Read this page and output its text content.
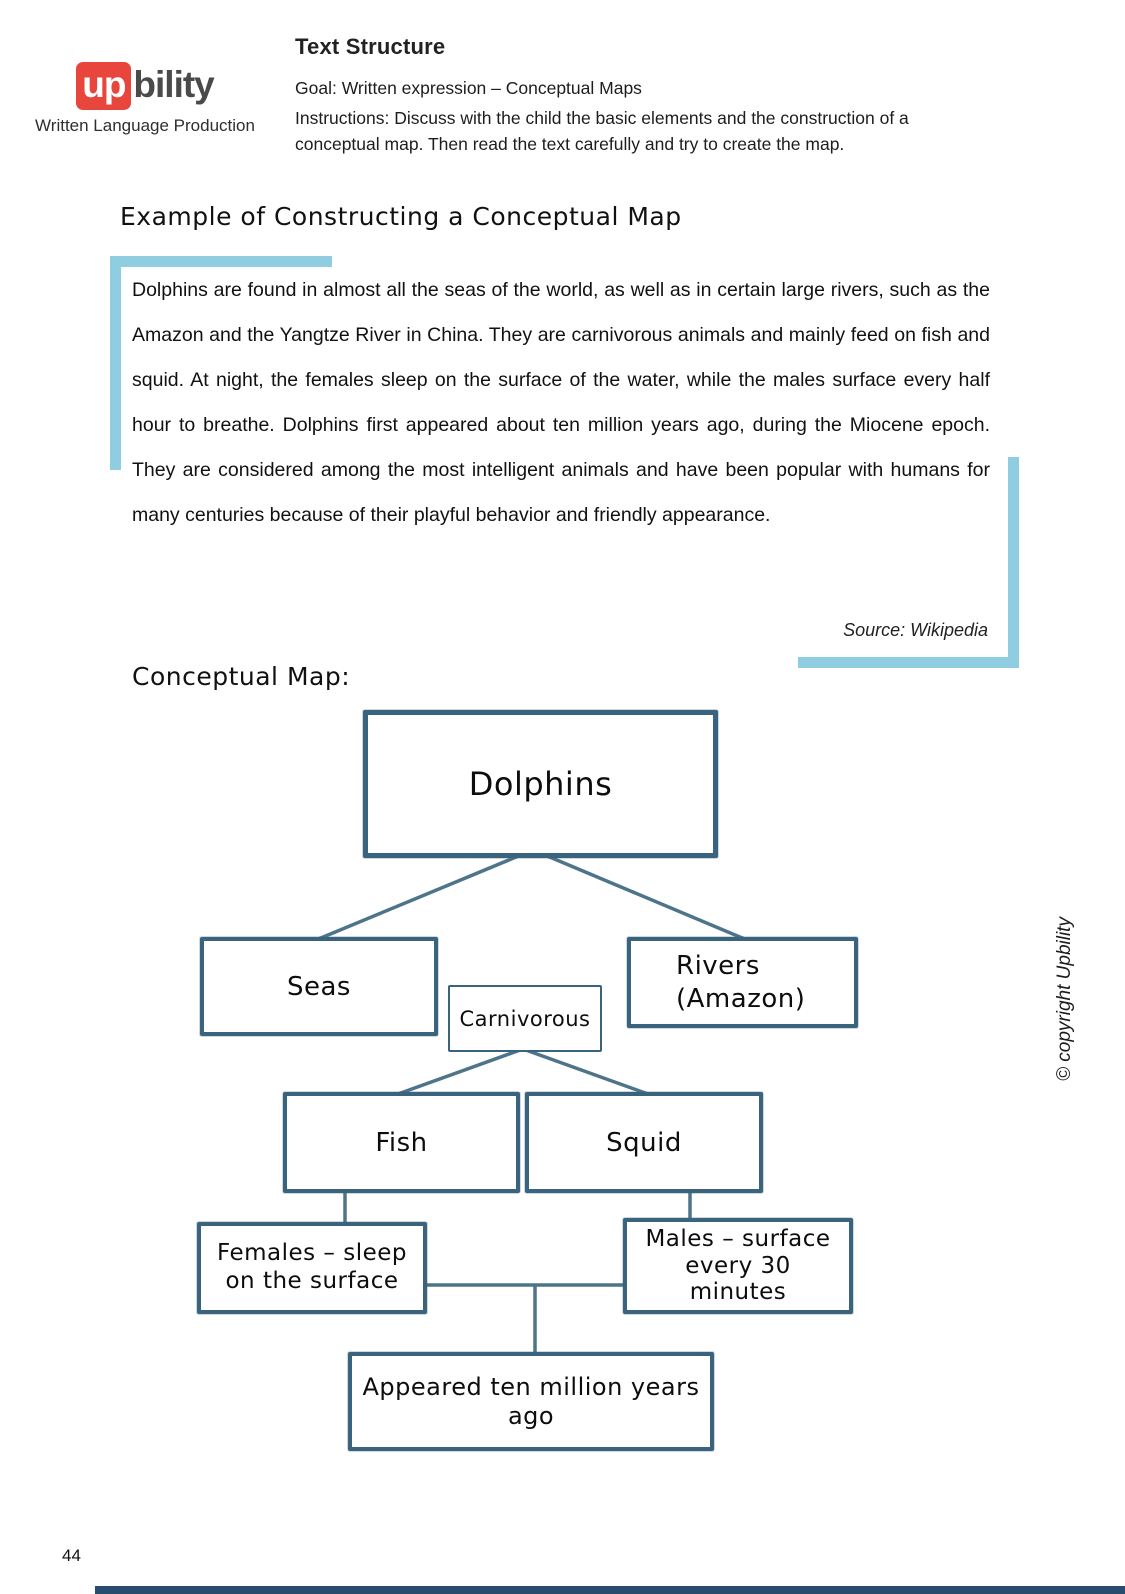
up bility
Written Language Production
Text Structure

Goal: Written expression – Conceptual Maps

Instructions: Discuss with the child the basic elements and the construction of a conceptual map. Then read the text carefully and try to create the map.

Example of Constructing a Conceptual Map
Dolphins are found in almost all the seas of the world, as well as in certain large rivers, such as the Amazon and the Yangtze River in China. They are carnivorous animals and mainly feed on fish and squid. At night, the females sleep on the surface of the water, while the males surface every half hour to breathe. Dolphins first appeared about ten million years ago, during the Miocene epoch. They are considered among the most intelligent animals and have been popular with humans for many centuries because of their playful behavior and friendly appearance.
Source: Wikipedia
Conceptual Map:
Dolphins
Seas
Rivers (Amazon)
Carnivorous
Fish	Squid
Females – sleep on the surface
Males – surface every 30 minutes
Appeared ten million years ago
© copyright Upbility
44
